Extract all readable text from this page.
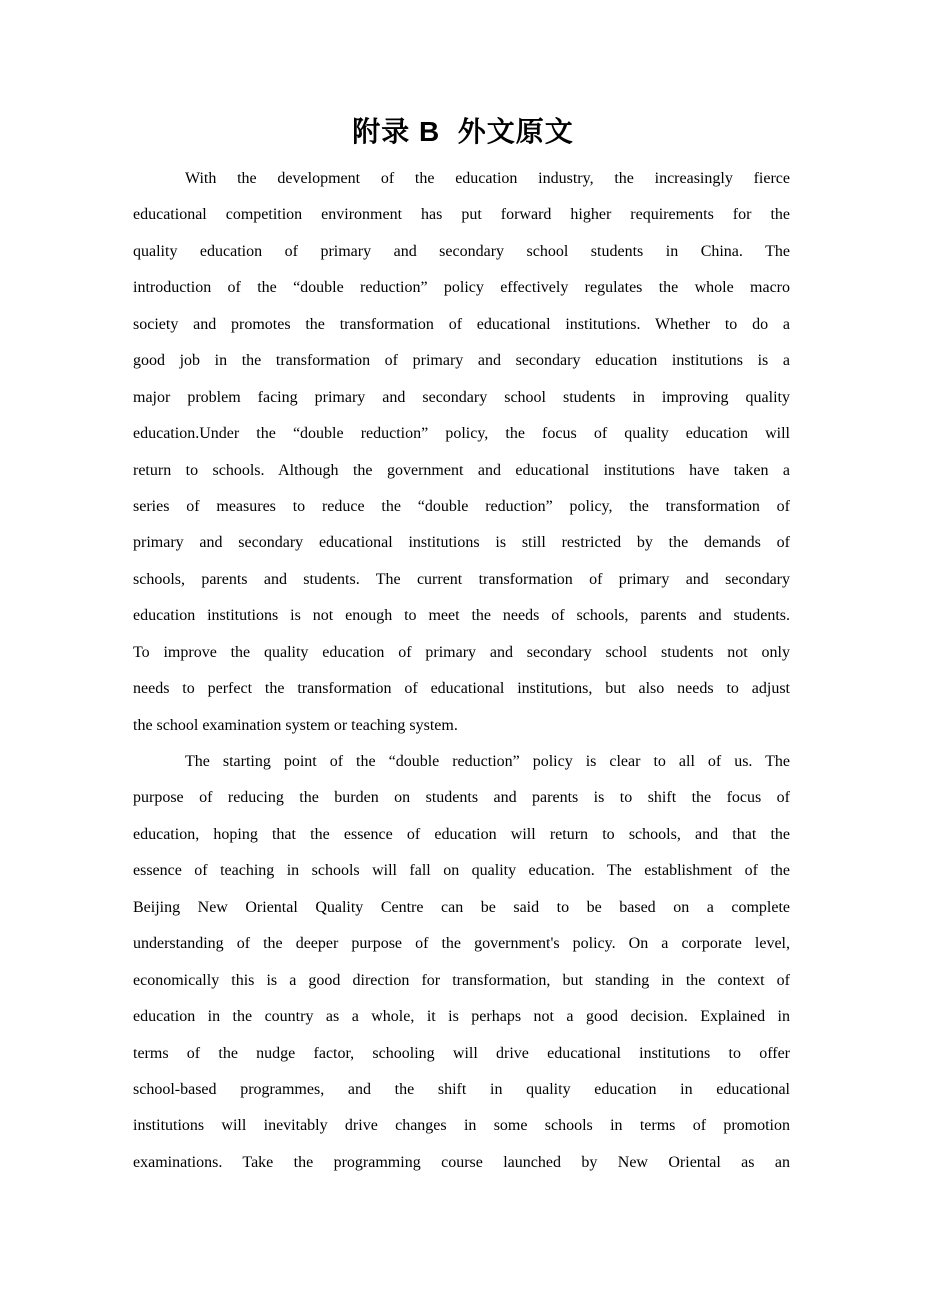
附录 B  外文原文

With the development of the education industry, the increasingly fierce

educational competition environment has put forward higher requirements for the

quality education of primary and secondary school students in China. The

introduction of the “double reduction” policy effectively regulates the whole macro

society and promotes the transformation of educational institutions. Whether to do a

good job in the transformation of primary and secondary education institutions is a

major problem facing primary and secondary school students in improving quality

education.Under the “double reduction” policy, the focus of quality education will

return to schools. Although the government and educational institutions have taken a

series of measures to reduce the “double reduction” policy, the transformation of

primary and secondary educational institutions is still restricted by the demands of

schools, parents and students. The current transformation of primary and secondary

education institutions is not enough to meet the needs of schools, parents and students.

To improve the quality education of primary and secondary school students not only

needs to perfect the transformation of educational institutions, but also needs to adjust

the school examination system or teaching system.

The starting point of the “double reduction” policy is clear to all of us. The

purpose of reducing the burden on students and parents is to shift the focus of

education, hoping that the essence of education will return to schools, and that the

essence of teaching in schools will fall on quality education. The establishment of the

Beijing New Oriental Quality Centre can be said to be based on a complete

understanding of the deeper purpose of the government's policy. On a corporate level,

economically this is a good direction for transformation, but standing in the context of

education in the country as a whole, it is perhaps not a good decision. Explained in

terms of the nudge factor, schooling will drive educational institutions to offer

school-based programmes, and the shift in quality education in educational

institutions will inevitably drive changes in some schools in terms of promotion

examinations. Take the programming course launched by New Oriental as an
